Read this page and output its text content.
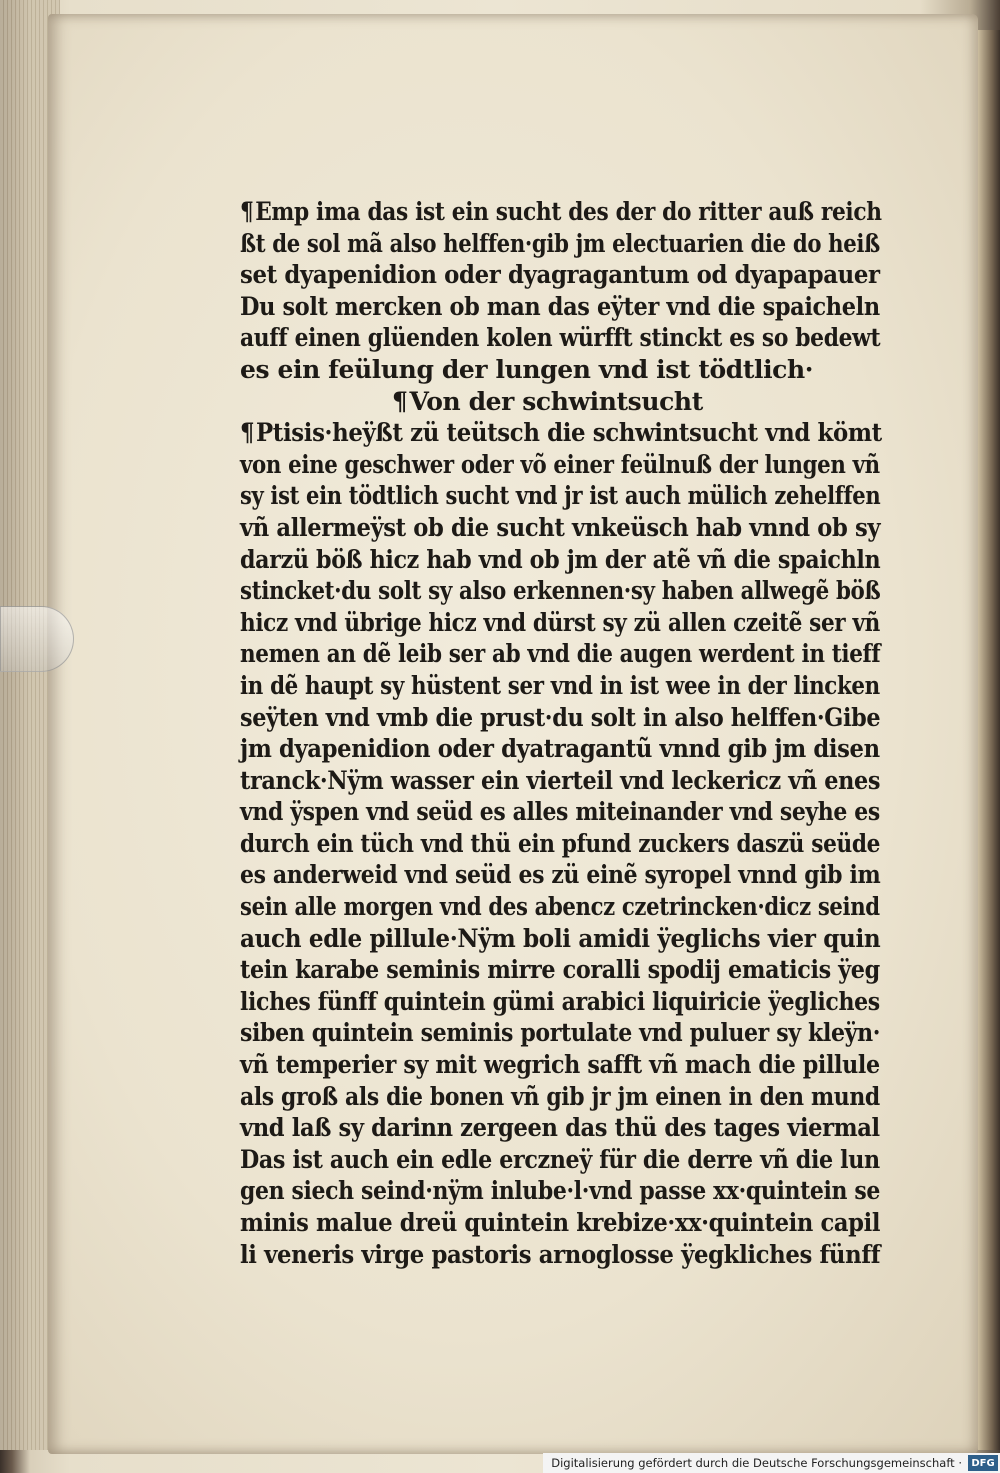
¶Emp ima das ist ein sucht des der do ritter auß reich
ßt de sol mã also helffen·gib jm electuarien die do heiß
set dyapenidion oder dyagragantum od dyapapauer
Du solt mercken ob man das eÿter vnd die spaicheln
auff einen glüenden kolen würfft stinckt es so bedewt
es ein feülung der lungen vnd ist tödtlich·
¶Von der schwintsucht
¶Ptisis·heÿßt zü teütsch die schwintsucht vnd kömt
von eine geschwer oder võ einer feülnuß der lungen vñ
sy ist ein tödtlich sucht vnd jr ist auch mülich zehelffen
vñ allermeÿst ob die sucht vnkeüsch hab vnnd ob sy
darzü böß hicz hab vnd ob jm der atẽ vñ die spaichln
stincket·du solt sy also erkennen·sy haben allwegẽ böß
hicz vnd übrige hicz vnd dürst sy zü allen czeitẽ ser vñ
nemen an dẽ leib ser ab vnd die augen werdent in tieff
in dẽ haupt sy hüstent ser vnd in ist wee in der lincken
seÿten vnd vmb die prust·du solt in also helffen·Gibe
jm dyapenidion oder dyatragantũ vnnd gib jm disen
tranck·Nÿm wasser ein vierteil vnd leckericz vñ enes
vnd ÿspen vnd seüd es alles miteinander vnd seyhe es
durch ein tüch vnd thü ein pfund zuckers daszü seüde
es anderweid vnd seüd es zü einẽ syropel vnnd gib im
sein alle morgen vnd des abencz czetrincken·dicz seind
auch edle pillule·Nÿm boli amidi ÿeglichs vier quin
tein karabe seminis mirre coralli spodij ematicis ÿeg
liches fünff quintein gümi arabici liquiricie ÿegliches
siben quintein seminis portulate vnd puluer sy kleÿn·
vñ temperier sy mit wegrich safft vñ mach die pillule
als groß als die bonen vñ gib jr jm einen in den mund
vnd laß sy darinn zergeen das thü des tages viermal
Das ist auch ein edle erczneÿ für die derre vñ die lun
gen siech seind·nÿm inlube·l·vnd passe xx·quintein se
minis malue dreü quintein krebize·xx·quintein capil
li veneris virge pastoris arnoglosse ÿegkliches fünff
Digitalisierung gefördert durch die Deutsche Forschungsgemeinschaft · DFG
